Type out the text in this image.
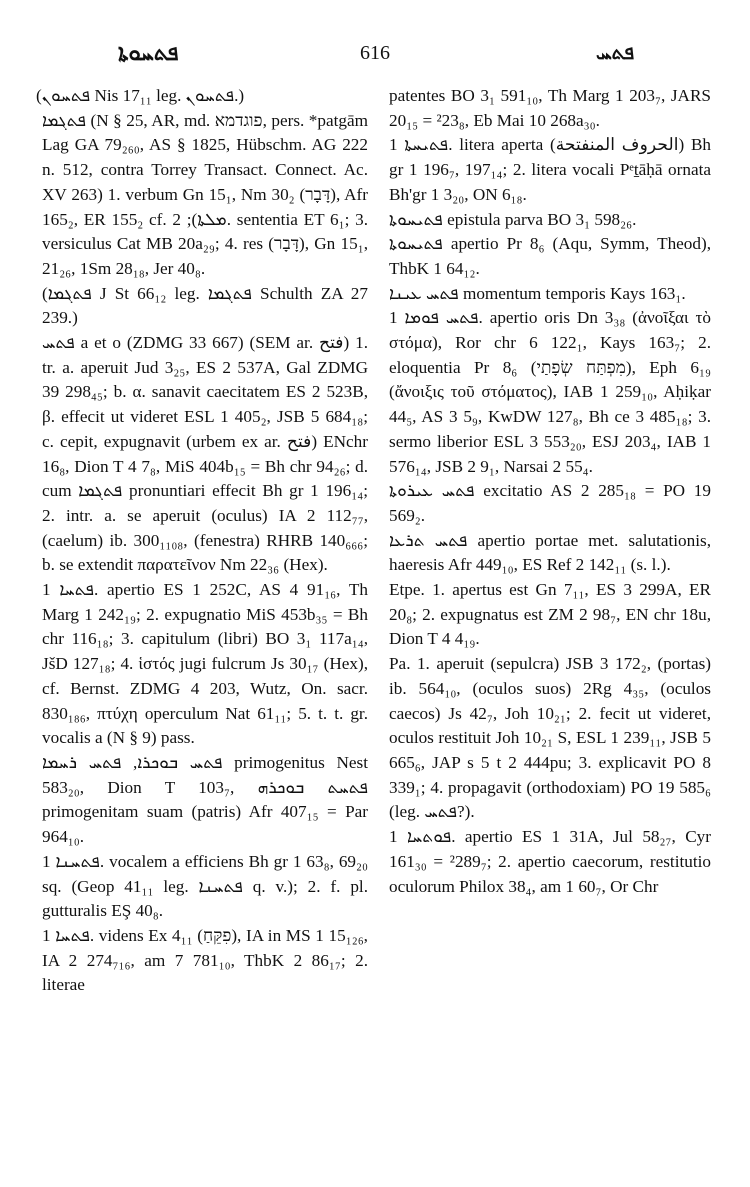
ܦܬܚܘܬܐ	616	ܦܬܚ
(ܦܬܚܘܢ Nis 17₁₁ leg. ܦܬܚܘܢ.)
ܦܬܓܡܐ (N § 25, AR, md. פוגדמא, pers. *patgām Lag GA 79₂₆₀, AS § 1825, Hübschm. AG 222 n. 512, contra Torrey Transact. Connect. Ac. XV 263) 1. verbum Gn 15₁, Nm 30₂ (דָּבָר), Afr 165₂, ER 155₂ cf. ܡܠܬܐ); 2. sententia ET 6₁; 3. versiculus Cat MB 20a₂₉; 4. res (דָּבָר), Gn 15₁, 21₂₆, 1Sm 28₁₈, Jer 40₈.
(ܦܬܓܡܐ J St 66₁₂ leg. ܦܬܓܡܐ Schulth ZA 27 239.)
ܦܬܚ a et o (ZDMG 33 667) (SEM ar. فتح) 1. tr. a. aperuit Jud 3₂₅, ES 2 537A, Gal ZDMG 39 298₄₅; b. α. sanavit caecitatem ES 2 523B, β. effecit ut videret ESL 1 405₂, JSB 5 684₁₈; c. cepit, expugnavit (urbem ex ar. فتح) ENchr 16₈, Dion T 4 7₈, MiS 404b₁₅ = Bh chr 94₂₆; d. cum ܦܬܓܡܐ pronuntiari effecit Bh gr 1 196₁₄; 2. intr. a. se aperuit (oculus) IA 2 112₇₇, (caelum) ib. 300₁₁₀₈, (fenestra) RHRB 140₆₆₆; b. se extendit παρατεῖνον Nm 22₃₆ (Hex).
ܦܬܚܐ 1. apertio ES 1 252C, AS 4 91₁₆, Th Marg 1 242₁₉; 2. expugnatio MiS 453b₃₅ = Bh chr 116₁₈; 3. capitulum (libri) BO 3₁ 117a₁₄, JšD 127₁₈; 4. ἱστός jugi fulcrum Js 30₁₇ (Hex), cf. Bernst. ZDMG 4 203, Wutz, On. sacr. 830₁₈₆, πτύχη operculum Nat 61₁₁; 5. t. t. gr. vocalis a (N § 9) pass.
ܦܬܚ ܒܘܟܪܐ, ܦܬܚ ܪܚܡܐ primogenitus Nest 583₂₀, Dion T 103₇, ܦܬܚܬ ܒܘܟܪܗ primogenitam suam (patris) Afr 407₁₅ = Par 964₁₀.
ܦܬܚܢܐ 1. vocalem a efficiens Bh gr 1 63₈, 69₂₀ sq. (Geop 41₁₁ leg. ܦܬܚܢܐ q. v.); 2. f. pl. gutturalis EŞ 40₈.
ܦܬܚܐ 1. videns Ex 4₁₁ (פִקֵּחַ), IA in MS 1 15₁₂₆, IA 2 274₇₁₆, am 7 781₁₀, ThbK 2 86₁₇; 2. literae
patentes BO 3₁ 591₁₀, Th Marg 1 203₇, JARS 20₁₅ = ²23₈, Eb Mai 10 268a₃₀.
ܦܬܝܚܬܐ 1. litera aperta (الحروف المنفتحة) Bh gr 1 196₇, 197₁₄; 2. litera vocali Pᵉṯāḥā ornata Bh'gr 1 3₂₀, ON 6₁₈.
ܦܬܝܚܘܬܐ epistula parva BO 3₁ 598₂₆.
ܦܬܝܚܘܬܐ apertio Pr 8₆ (Aqu, Symm, Theod), ThbK 1 64₁₂.
ܦܬܚ ܥܝܢܐ momentum temporis Kays 163₁.
ܦܬܚ ܦܘܡܐ 1. apertio oris Dn 3₃₈ (ἀνοῖξαι τὸ στόμα), Ror chr 6 122₁, Kays 163₇; 2. eloquentia Pr 8₆ (מִפְתַּח שְׂפָתַי), Eph 6₁₉ (ἄνοιξις τοῦ στόματος), IAB 1 259₁₀, Aḥiḳar 44₅, AS 3 5₉, KwDW 127₈, Bh ce 3 485₁₈; 3. sermo liberior ESL 3 553₂₀, ESJ 203₄, IAB 1 576₁₄, JSB 2 9₁, Narsai 2 55₄.
ܦܬܚ ܥܝܪܘܬܐ excitatio AS 2 285₁₈ = PO 19 569₂.
ܦܬܚ ܬܪܥܐ apertio portae met. salutationis, haeresis Afr 449₁₀, ES Ref 2 142₁₁ (s. l.).
Etpe. 1. apertus est Gn 7₁₁, ES 3 299A, ER 20₈; 2. expugnatus est ZM 2 98₇, EN chr 18u, Dion T 4 4₁₉.
Pa. 1. aperuit (sepulcra) JSB 3 172₂, (portas) ib. 564₁₀, (oculos suos) 2Rg 4₃₅, (oculos caecos) Js 42₇, Joh 10₂₁; 2. fecit ut videret, oculos restituit Joh 10₂₁ S, ESL 1 239₁₁, JSB 5 665₆, JAP s 5 t 2 444pu; 3. explicavit PO 8 339₁; 4. propagavit (orthodoxiam) PO 19 585₆ (leg. ܦܬܚ?).
ܦܘܬܚܐ 1. apertio ES 1 31A, Jul 58₂₇, Cyr 161₃₀ = ²289₇; 2. apertio caecorum, restitutio oculorum Philox 38₄, am 1 60₇, Or Chr
